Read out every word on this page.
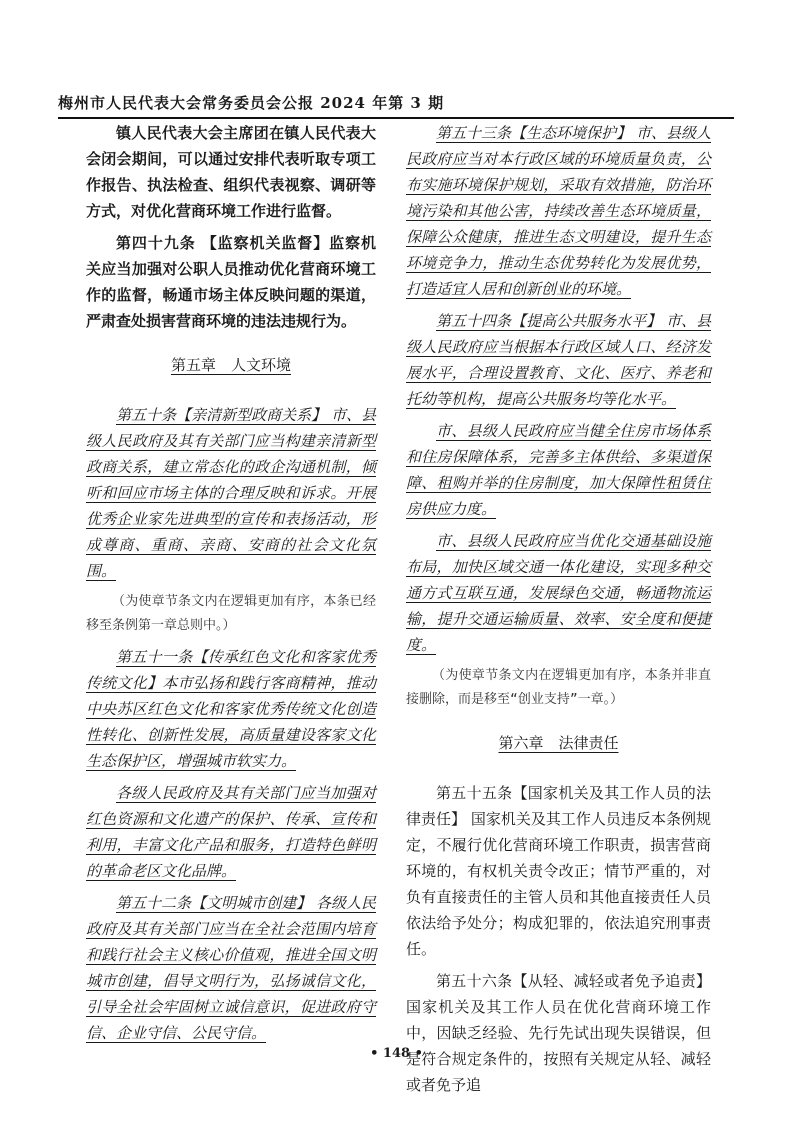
梅州市人民代表大会常务委员会公报 2024 年第 3 期

镇人民代表大会主席团在镇人民代表大会闭会期间，可以通过安排代表听取专项工作报告、执法检查、组织代表视察、调研等方式，对优化营商环境工作进行监督。

第四十九条 【监察机关监督】监察机关应当加强对公职人员推动优化营商环境工作的监督，畅通市场主体反映问题的渠道，严肃查处损害营商环境的违法违规行为。

第五章　人文环境

第五十条【亲清新型政商关系】 市、县级人民政府及其有关部门应当构建亲清新型政商关系，建立常态化的政企沟通机制，倾听和回应市场主体的合理反映和诉求。开展优秀企业家先进典型的宣传和表扬活动，形成尊商、重商、亲商、安商的社会文化氛围。

（为使章节条文内在逻辑更加有序，本条已经移至条例第一章总则中。）

第五十一条【传承红色文化和客家优秀传统文化】本市弘扬和践行客商精神，推动中央苏区红色文化和客家优秀传统文化创造性转化、创新性发展，高质量建设客家文化生态保护区，增强城市软实力。

各级人民政府及其有关部门应当加强对红色资源和文化遗产的保护、传承、宣传和利用，丰富文化产品和服务，打造特色鲜明的革命老区文化品牌。

第五十二条【文明城市创建】 各级人民政府及其有关部门应当在全社会范围内培育和践行社会主义核心价值观，推进全国文明城市创建，倡导文明行为，弘扬诚信文化，引导全社会牢固树立诚信意识，促进政府守信、企业守信、公民守信。

第五十三条【生态环境保护】 市、县级人民政府应当对本行政区域的环境质量负责，公布实施环境保护规划，采取有效措施，防治环境污染和其他公害，持续改善生态环境质量，保障公众健康，推进生态文明建设，提升生态环境竞争力，推动生态优势转化为发展优势，打造适宜人居和创新创业的环境。

第五十四条【提高公共服务水平】 市、县级人民政府应当根据本行政区域人口、经济发展水平，合理设置教育、文化、医疗、养老和托幼等机构，提高公共服务均等化水平。

市、县级人民政府应当健全住房市场体系和住房保障体系，完善多主体供给、多渠道保障、租购并举的住房制度，加大保障性租赁住房供应力度。

市、县级人民政府应当优化交通基础设施布局，加快区域交通一体化建设，实现多种交通方式互联互通，发展绿色交通，畅通物流运输，提升交通运输质量、效率、安全度和便捷度。

（为使章节条文内在逻辑更加有序，本条并非直接删除，而是移至“创业支持”一章。）

第六章　法律责任

第五十五条【国家机关及其工作人员的法律责任】 国家机关及其工作人员违反本条例规定，不履行优化营商环境工作职责，损害营商环境的，有权机关责令改正；情节严重的，对负有直接责任的主管人员和其他直接责任人员依法给予处分；构成犯罪的，依法追究刑事责任。

第五十六条【从轻、减轻或者免予追责】 国家机关及其工作人员在优化营商环境工作中，因缺乏经验、先行先试出现失误错误，但是符合规定条件的，按照有关规定从轻、减轻或者免予追

• 148 •
